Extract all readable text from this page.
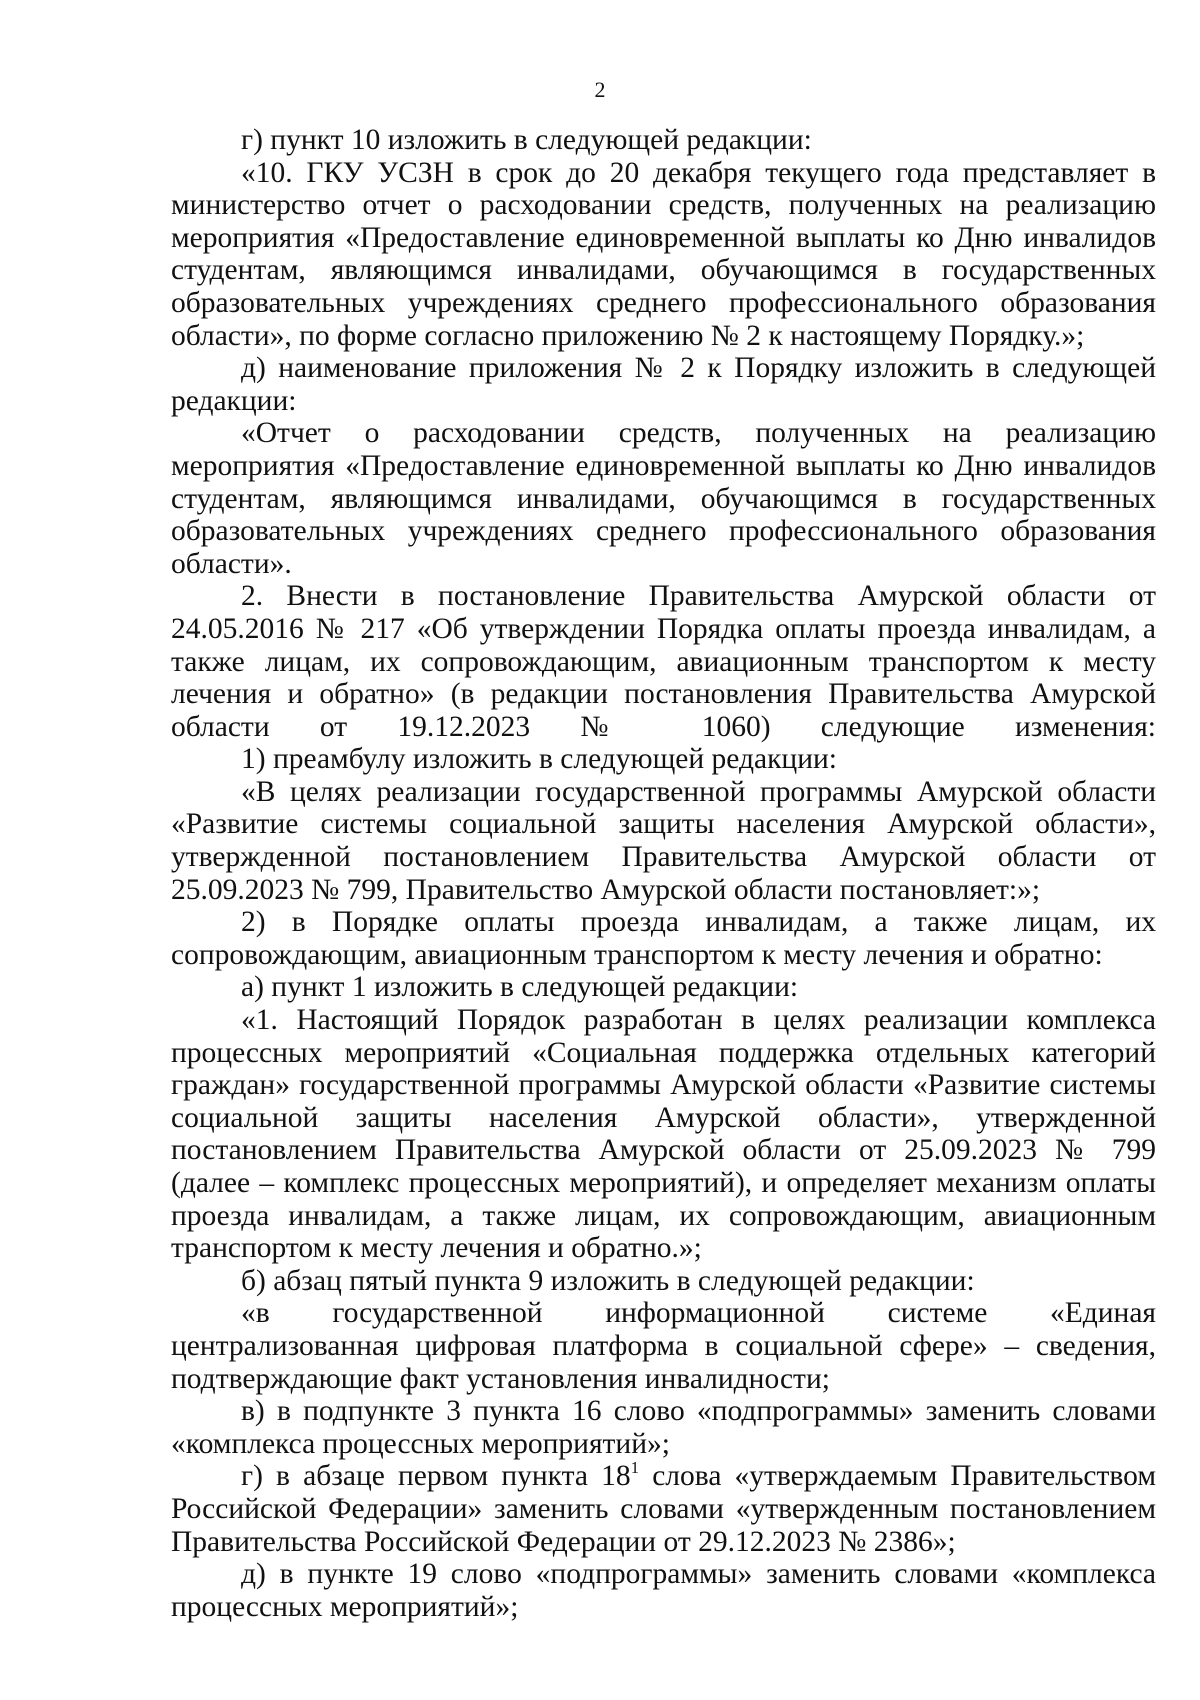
2

г) пункт 10 изложить в следующей редакции:

«10. ГКУ УСЗН в срок до 20 декабря текущего года представляет в министерство отчет о расходовании средств, полученных на реализацию мероприятия «Предоставление единовременной выплаты ко Дню инвалидов студентам, являющимся инвалидами, обучающимся в государственных образовательных учреждениях среднего профессионального образования области», по форме согласно приложению № 2 к настоящему Порядку.»;

д) наименование приложения № 2 к Порядку изложить в следующей редакции:

«Отчет о расходовании средств, полученных на реализацию мероприятия «Предоставление единовременной выплаты ко Дню инвалидов студентам, являющимся инвалидами, обучающимся в государственных образовательных учреждениях среднего профессионального образования области».

2. Внести в постановление Правительства Амурской области от 24.05.2016 № 217 «Об утверждении Порядка оплаты проезда инвалидам, а также лицам, их сопровождающим, авиационным транспортом к месту лечения и обратно» (в редакции постановления Правительства Амурской области от 19.12.2023 № 1060) следующие изменения:

1) преамбулу изложить в следующей редакции:

«В целях реализации государственной программы Амурской области «Развитие системы социальной защиты населения Амурской области», утвержденной постановлением Правительства Амурской области от 25.09.2023 № 799, Правительство Амурской области постановляет:»;

2) в Порядке оплаты проезда инвалидам, а также лицам, их сопровождающим, авиационным транспортом к месту лечения и обратно:

а) пункт 1 изложить в следующей редакции:

«1. Настоящий Порядок разработан в целях реализации комплекса процессных мероприятий «Социальная поддержка отдельных категорий граждан» государственной программы Амурской области «Развитие системы социальной защиты населения Амурской области», утвержденной постановлением Правительства Амурской области от 25.09.2023 № 799 (далее – комплекс процессных мероприятий), и определяет механизм оплаты проезда инвалидам, а также лицам, их сопровождающим, авиационным транспортом к месту лечения и обратно.»;

б) абзац пятый пункта 9 изложить в следующей редакции:

«в государственной информационной системе «Единая централизованная цифровая платформа в социальной сфере» – сведения, подтверждающие факт установления инвалидности;

в) в подпункте 3 пункта 16 слово «подпрограммы» заменить словами «комплекса процессных мероприятий»;

г) в абзаце первом пункта $18^1$ слова «утверждаемым Правительством Российской Федерации» заменить словами «утвержденным постановлением Правительства Российской Федерации от 29.12.2023 № 2386»;

д) в пункте 19 слово «подпрограммы» заменить словами «комплекса процессных мероприятий»;
